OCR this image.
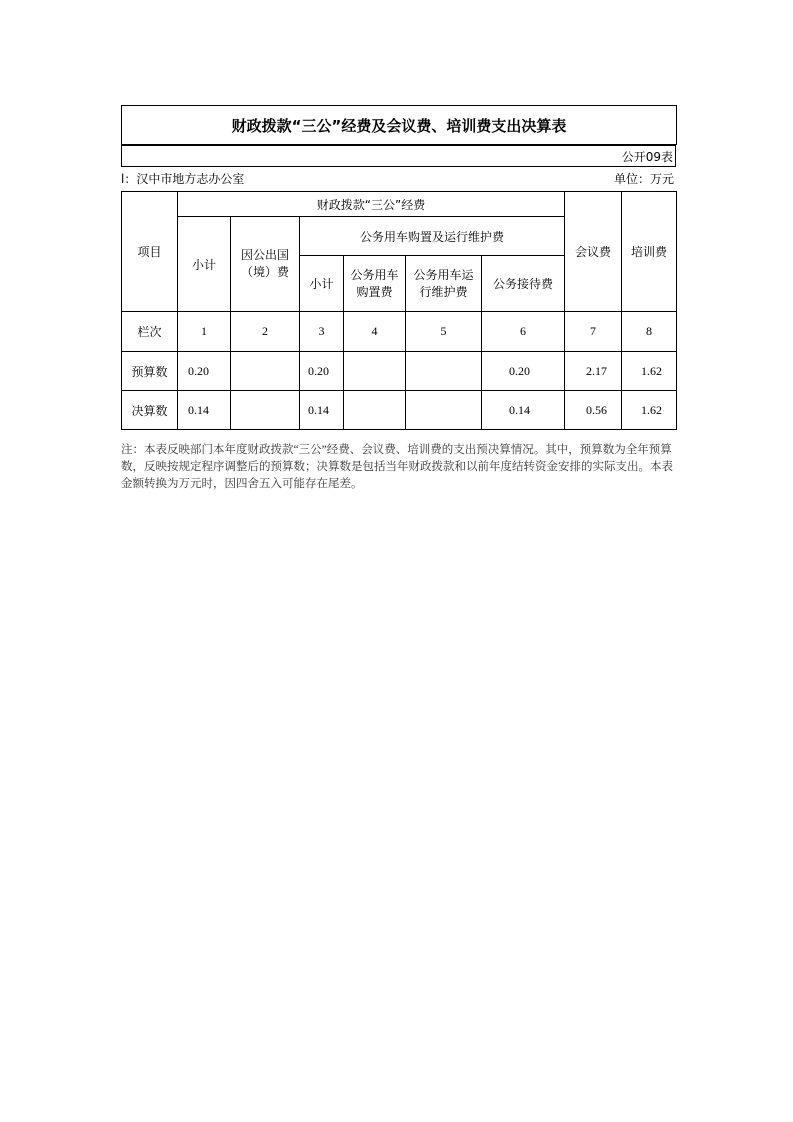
财政拨款“三公”经费及会议费、培训费支出决算表
公开09表
l：汉中市地方志办公室	单位：万元
项目	财政拨款“三公”经费						会议费	培训费
	小计	因公出国（境）费	公务用车购置及运行维护费					
			小计	公务用车购置费	公务用车运行维护费	公务接待费		
栏次	1	2	3	4	5	6	7	8
预算数	0.20		0.20			0.20	2.17	1.62
决算数	0.14		0.14			0.14	0.56	1.62
注：本表反映部门本年度财政拨款“三公”经费、会议费、培训费的支出预决算情况。其中，预算数为全年预算数，反映按规定程序调整后的预算数；决算数是包括当年财政拨款和以前年度结转资金安排的实际支出。本表金额转换为万元时，因四舍五入可能存在尾差。
